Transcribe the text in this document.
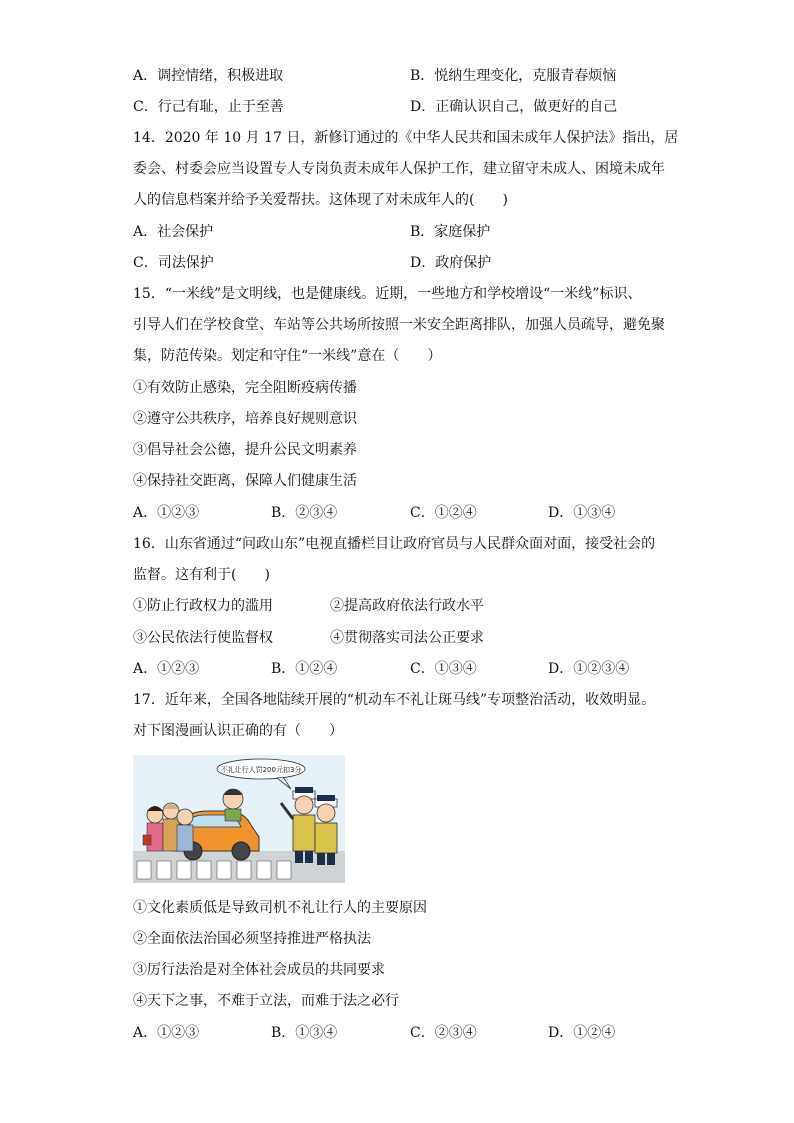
A．调控情绪，积极进取	B．悦纳生理变化，克服青春烦恼
C．行己有耻，止于至善	D．正确认识自己，做更好的自己
14．2020 年 10 月 17 日，新修订通过的《中华人民共和国未成年人保护法》指出，居
委会、村委会应当设置专人专岗负责未成年人保护工作，建立留守未成人、困境未成年
人的信息档案并给予关爱帮扶。这体现了对未成年人的(　　)
A．社会保护	B．家庭保护
C．司法保护	D．政府保护
15．“一米线”是文明线，也是健康线。近期，一些地方和学校增设“一米线”标识、
引导人们在学校食堂、车站等公共场所按照一米安全距离排队，加强人员疏导，避免聚
集，防范传染。划定和守住“一米线”意在（　　）
①有效防止感染，完全阻断疫病传播
②遵守公共秩序，培养良好规则意识
③倡导社会公德，提升公民文明素养
④保持社交距离，保障人们健康生活
A．①②③	B．②③④	C．①②④	D．①③④
16．山东省通过“问政山东”电视直播栏目让政府官员与人民群众面对面，接受社会的
监督。这有利于(　　)
①防止行政权力的滥用	②提高政府依法行政水平
③公民依法行使监督权	④贯彻落实司法公正要求
A．①②③	B．①②④	C．①③④	D．①②③④
17．近年来，全国各地陆续开展的“机动车不礼让斑马线”专项整治活动，收效明显。
对下图漫画认识正确的有（　　）
不礼让行人罚200元扣3分
①文化素质低是导致司机不礼让行人的主要原因
②全面依法治国必须坚持推进严格执法
③厉行法治是对全体社会成员的共同要求
④天下之事，不难于立法，而难于法之必行
A．①②③	B．①③④	C．②③④	D．①②④
